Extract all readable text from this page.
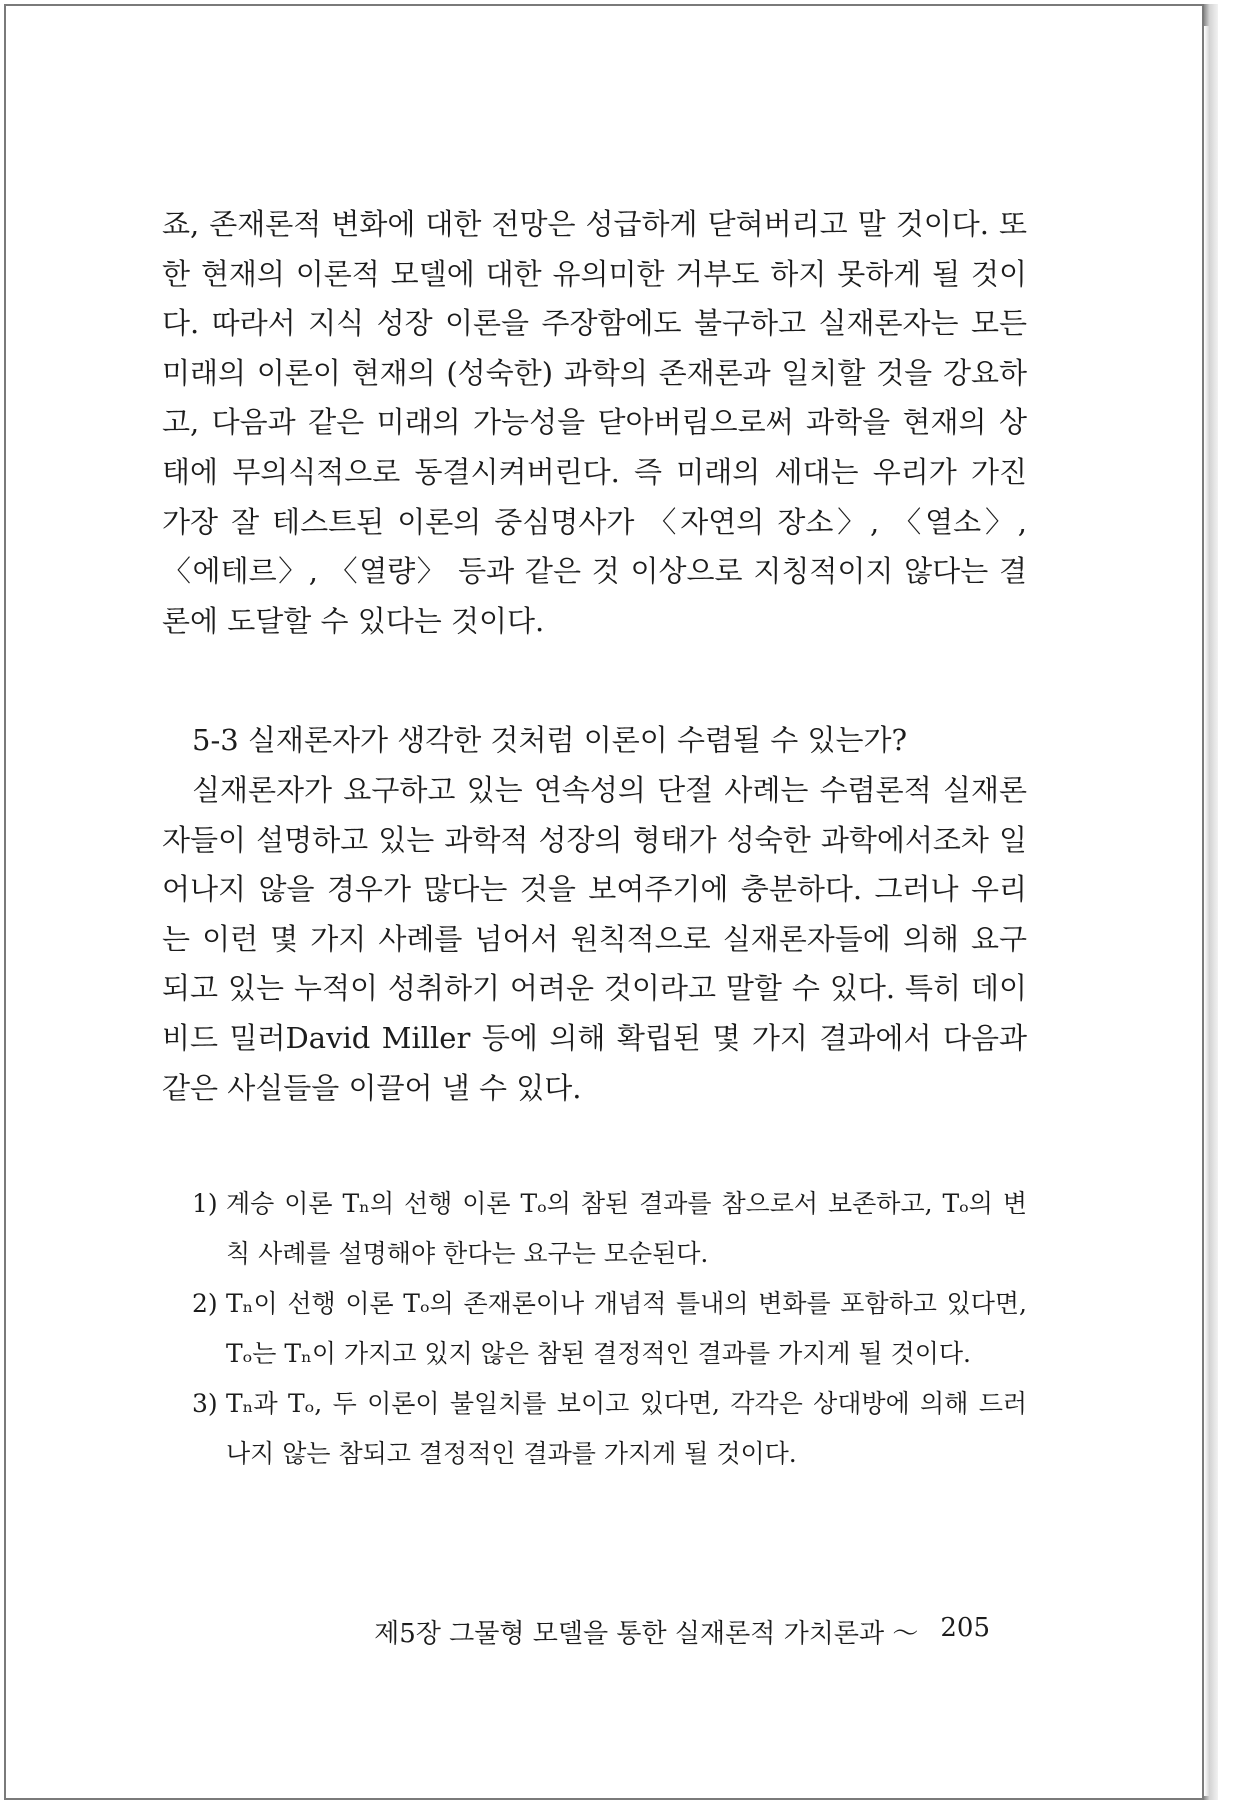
죠, 존재론적 변화에 대한 전망은 성급하게 닫혀버리고 말 것이다. 또한 현재의 이론적 모델에 대한 유의미한 거부도 하지 못하게 될 것이다. 따라서 지식 성장 이론을 주장함에도 불구하고 실재론자는 모든 미래의 이론이 현재의 (성숙한) 과학의 존재론과 일치할 것을 강요하고, 다음과 같은 미래의 가능성을 닫아버림으로써 과학을 현재의 상태에 무의식적으로 동결시켜버린다. 즉 미래의 세대는 우리가 가진 가장 잘 테스트된 이론의 중심명사가 〈자연의 장소〉, 〈열소〉, 〈에테르〉, 〈열량〉 등과 같은 것 이상으로 지칭적이지 않다는 결론에 도달할 수 있다는 것이다.

5-3 실재론자가 생각한 것처럼 이론이 수렴될 수 있는가?

실재론자가 요구하고 있는 연속성의 단절 사례는 수렴론적 실재론자들이 설명하고 있는 과학적 성장의 형태가 성숙한 과학에서조차 일어나지 않을 경우가 많다는 것을 보여주기에 충분하다. 그러나 우리는 이런 몇 가지 사례를 넘어서 원칙적으로 실재론자들에 의해 요구되고 있는 누적이 성취하기 어려운 것이라고 말할 수 있다. 특히 데이비드 밀러David Miller 등에 의해 확립된 몇 가지 결과에서 다음과 같은 사실들을 이끌어 낼 수 있다.

1) 계승 이론 Tₙ의 선행 이론 Tₒ의 참된 결과를 참으로서 보존하고, Tₒ의 변칙 사례를 설명해야 한다는 요구는 모순된다.
2) Tₙ이 선행 이론 Tₒ의 존재론이나 개념적 틀내의 변화를 포함하고 있다면, Tₒ는 Tₙ이 가지고 있지 않은 참된 결정적인 결과를 가지게 될 것이다.
3) Tₙ과 Tₒ, 두 이론이 불일치를 보이고 있다면, 각각은 상대방에 의해 드러나지 않는 참되고 결정적인 결과를 가지게 될 것이다.
제5장 그물형 모델을 통한 실재론적 가치론과 ～ 205
